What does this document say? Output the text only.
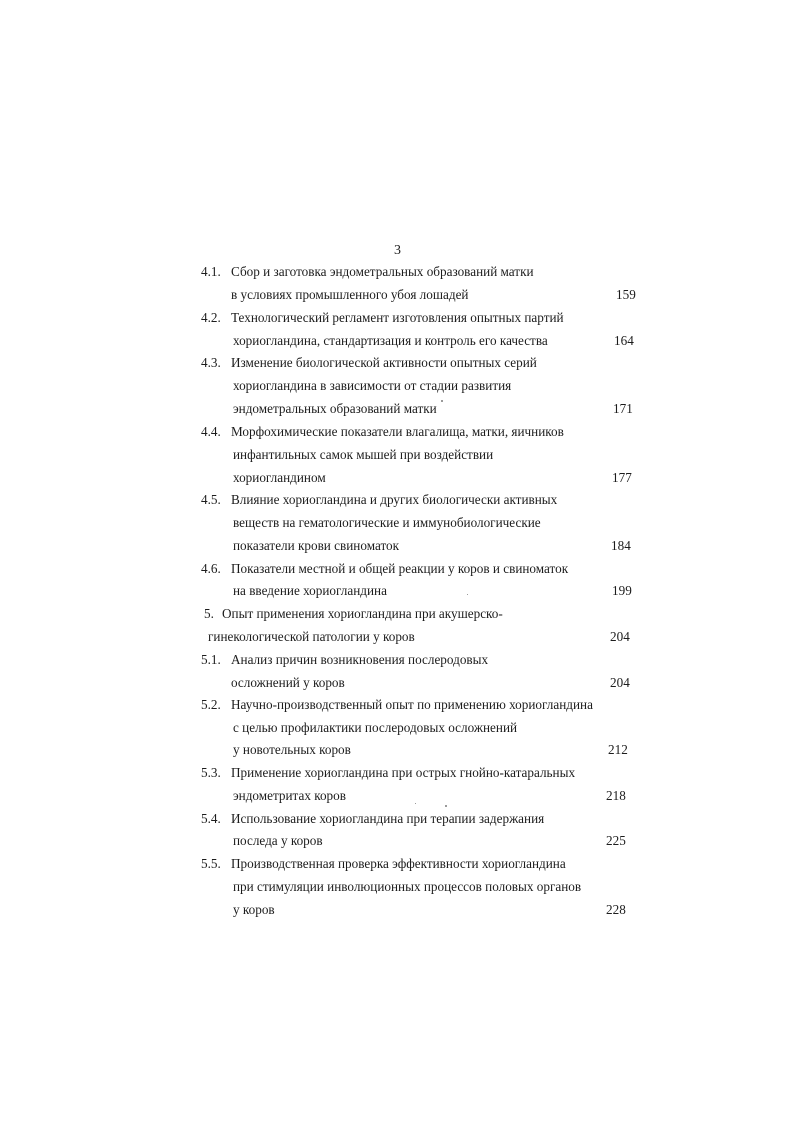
3
4.1. Сбор и заготовка эндометральных образований матки
в условиях промышленного убоя лошадей	159
4.2. Технологический регламент изготовления опытных партий
хориогландина, стандартизация и контроль его качества	164
4.3. Изменение биологической активности опытных серий
хориогландина в зависимости от стадии развития
эндометральных образований матки	171
4.4. Морфохимические показатели влагалища, матки, яичников
инфантильных самок мышей при воздействии
хориогландином	177
4.5. Влияние хориогландина и других биологически активных
веществ на гематологические и иммунобиологические
показатели крови свиноматок	184
4.6. Показатели местной и общей реакции у коров и свиноматок
на введение хориогландина	199
5. Опыт применения хориогландина при акушерско-
гинекологической патологии у коров	204
5.1. Анализ причин возникновения послеродовых
осложнений у коров	204
5.2. Научно-производственный опыт по применению хориогландина
с целью профилактики послеродовых осложнений
у новотельных коров	212
5.3. Применение хориогландина при острых гнойно-катаральных
эндометритах коров	218
5.4. Использование хориогландина при терапии задержания
последа у коров	225
5.5. Производственная проверка эффективности хориогландина
при стимуляции инволюционных процессов половых органов
у коров	228
